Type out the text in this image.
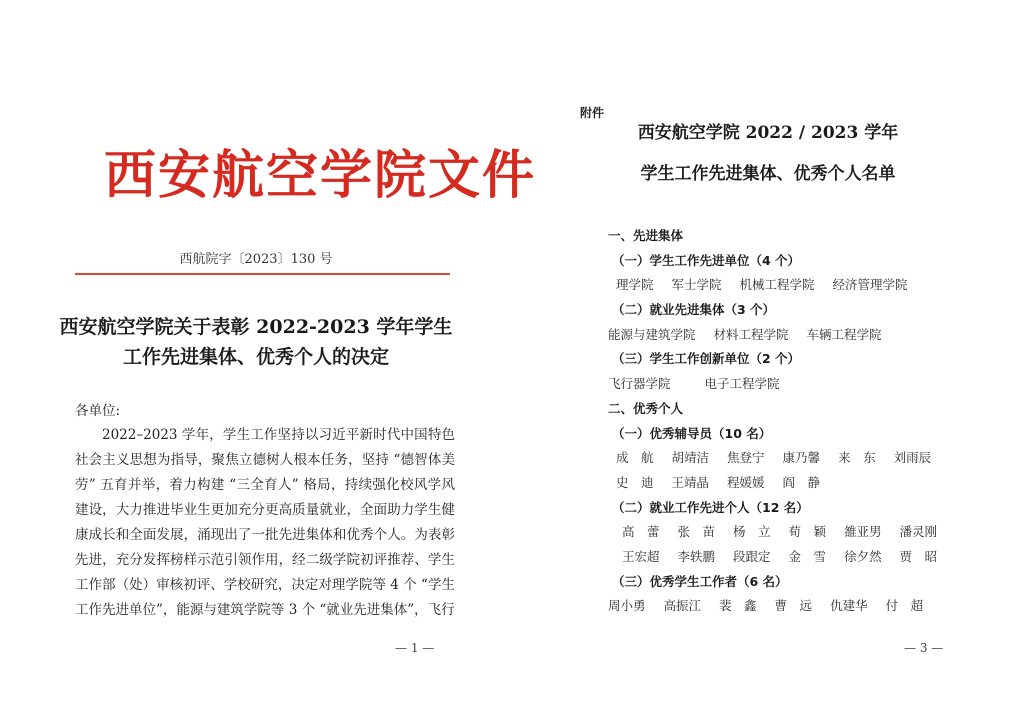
西安航空学院文件
西航院字〔2023〕130 号
西安航空学院关于表彰 2022-2023 学年学生
工作先进集体、优秀个人的决定
各单位:

2022–2023 学年，学生工作坚持以习近平新时代中国特色社会主义思想为指导，聚焦立德树人根本任务，坚持 “德智体美劳” 五育并举，着力构建 “三全育人” 格局，持续强化校风学风建设，大力推进毕业生更加充分更高质量就业，全面助力学生健康成长和全面发展，涌现出了一批先进集体和优秀个人。为表彰先进，充分发挥榜样示范引领作用，经二级学院初评推荐、学生工作部（处）审核初评、学校研究，决定对理学院等 4 个 “学生工作先进单位”，能源与建筑学院等 3 个 “就业先进集体”，飞行

— 1 —
附件
西安航空学院 2022 / 2023 学年
学生工作先进集体、优秀个人名单
一、先进集体
（一）学生工作先进单位（4 个）
理学院 军士学院 机械工程学院 经济管理学院
（二）就业先进集体（3 个）
能源与建筑学院 材料工程学院 车辆工程学院
（三）学生工作创新单位（2 个）
飞行器学院	电子工程学院
二、优秀个人
（一）优秀辅导员（10 名）
成　航 胡靖洁 焦登宁 康乃馨 来　东 刘雨辰
史　迪 王靖晶 程媛媛 阎　静
（二）就业工作先进个人（12 名）
高　蕾 张　苗 杨　立 荀　颖 雒亚男 潘灵刚
王宏超 李轶鹏 段跟定 金　雪 徐夕然 贾　昭
（三）优秀学生工作者（6 名）
周小勇 高振江 裴　鑫 曹　远 仇建华 付　超
— 3 —
